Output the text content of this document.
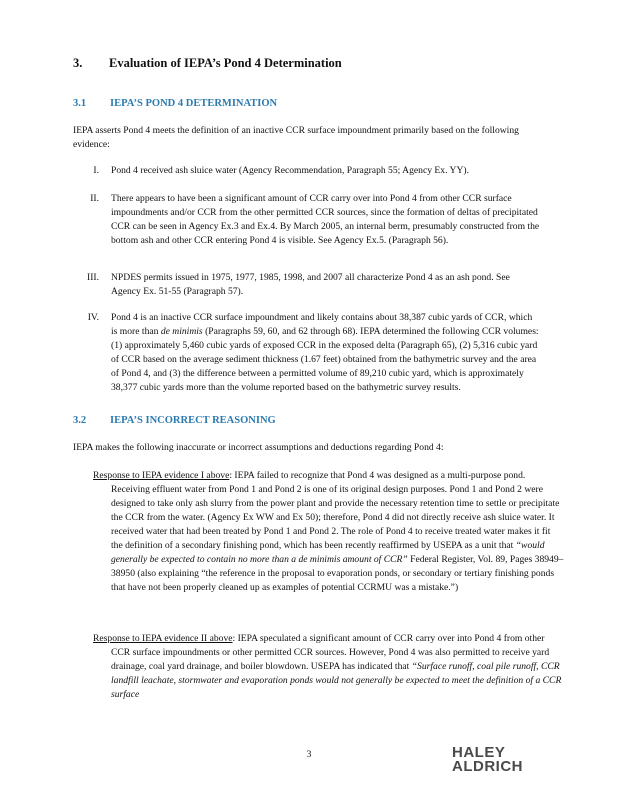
3. Evaluation of IEPA’s Pond 4 Determination
3.1 IEPA’S POND 4 DETERMINATION
IEPA asserts Pond 4 meets the definition of an inactive CCR surface impoundment primarily based on the following evidence:
I. Pond 4 received ash sluice water (Agency Recommendation, Paragraph 55; Agency Ex. YY).
II. There appears to have been a significant amount of CCR carry over into Pond 4 from other CCR surface impoundments and/or CCR from the other permitted CCR sources, since the formation of deltas of precipitated CCR can be seen in Agency Ex.3 and Ex.4. By March 2005, an internal berm, presumably constructed from the bottom ash and other CCR entering Pond 4 is visible. See Agency Ex.5. (Paragraph 56).
III. NPDES permits issued in 1975, 1977, 1985, 1998, and 2007 all characterize Pond 4 as an ash pond. See Agency Ex. 51-55 (Paragraph 57).
IV. Pond 4 is an inactive CCR surface impoundment and likely contains about 38,387 cubic yards of CCR, which is more than de minimis (Paragraphs 59, 60, and 62 through 68). IEPA determined the following CCR volumes: (1) approximately 5,460 cubic yards of exposed CCR in the exposed delta (Paragraph 65), (2) 5,316 cubic yard of CCR based on the average sediment thickness (1.67 feet) obtained from the bathymetric survey and the area of Pond 4, and (3) the difference between a permitted volume of 89,210 cubic yard, which is approximately 38,377 cubic yards more than the volume reported based on the bathymetric survey results.
3.2 IEPA’S INCORRECT REASONING
IEPA makes the following inaccurate or incorrect assumptions and deductions regarding Pond 4:
Response to IEPA evidence I above: IEPA failed to recognize that Pond 4 was designed as a multi-purpose pond. Receiving effluent water from Pond 1 and Pond 2 is one of its original design purposes. Pond 1 and Pond 2 were designed to take only ash slurry from the power plant and provide the necessary retention time to settle or precipitate the CCR from the water. (Agency Ex WW and Ex 50); therefore, Pond 4 did not directly receive ash sluice water. It received water that had been treated by Pond 1 and Pond 2. The role of Pond 4 to receive treated water makes it fit the definition of a secondary finishing pond, which has been recently reaffirmed by USEPA as a unit that “would generally be expected to contain no more than a de minimis amount of CCR” Federal Register, Vol. 89, Pages 38949–38950 (also explaining “the reference in the proposal to evaporation ponds, or secondary or tertiary finishing ponds that have not been properly cleaned up as examples of potential CCRMU was a mistake.”)
Response to IEPA evidence II above: IEPA speculated a significant amount of CCR carry over into Pond 4 from other CCR surface impoundments or other permitted CCR sources. However, Pond 4 was also permitted to receive yard drainage, coal yard drainage, and boiler blowdown. USEPA has indicated that “Surface runoff, coal pile runoff, CCR landfill leachate, stormwater and evaporation ponds would not generally be expected to meet the definition of a CCR surface
3	HALEY
ALDRICH
